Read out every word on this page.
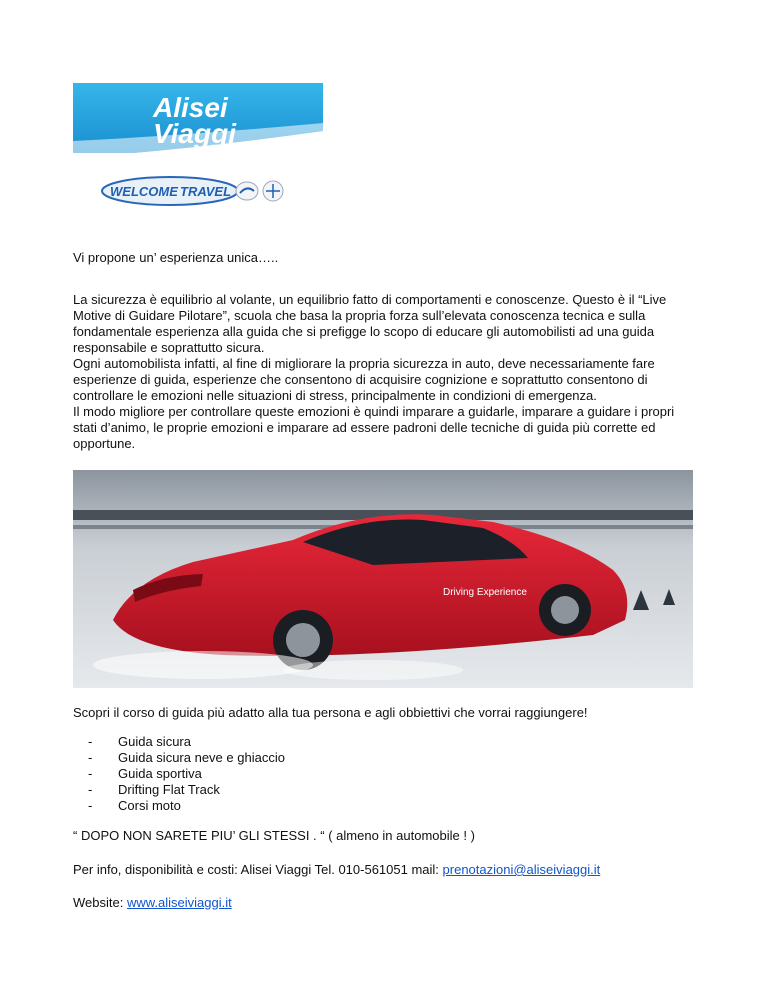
Alisei
Viaggi
WELCOME TRAVEL
Vi propone un’ esperienza unica…..

La sicurezza è equilibrio al volante, un equilibrio fatto di comportamenti e conoscenze. Questo è il “Live Motive di Guidare Pilotare”, scuola che basa la propria forza sull’elevata conoscenza tecnica e sulla fondamentale esperienza alla guida che si prefigge lo scopo di educare gli automobilisti ad una guida responsabile e soprattutto sicura.

Ogni automobilista infatti, al fine di migliorare la propria sicurezza in auto, deve necessariamente fare esperienze di guida, esperienze che consentono di acquisire cognizione e soprattutto consentono di controllare le emozioni nelle situazioni di stress, principalmente in condizioni di emergenza.

Il modo migliore per controllare queste emozioni è quindi imparare a guidarle, imparare a guidare i propri stati d’animo, le proprie emozioni e imparare ad essere padroni delle tecniche di guida più corrette ed opportune.

Driving Experience
Scopri il corso di guida più adatto alla tua persona e agli obbiettivi che vorrai raggiungere!
- Guida sicura
- Guida sicura neve e ghiaccio
- Guida sportiva
- Drifting Flat Track
- Corsi moto
“ DOPO NON SARETE PIU’ GLI STESSI . “ ( almeno in automobile ! )
Per info, disponibilità e costi: Alisei Viaggi Tel. 010-561051 mail: prenotazioni@aliseiviaggi.it
Website: www.aliseiviaggi.it
